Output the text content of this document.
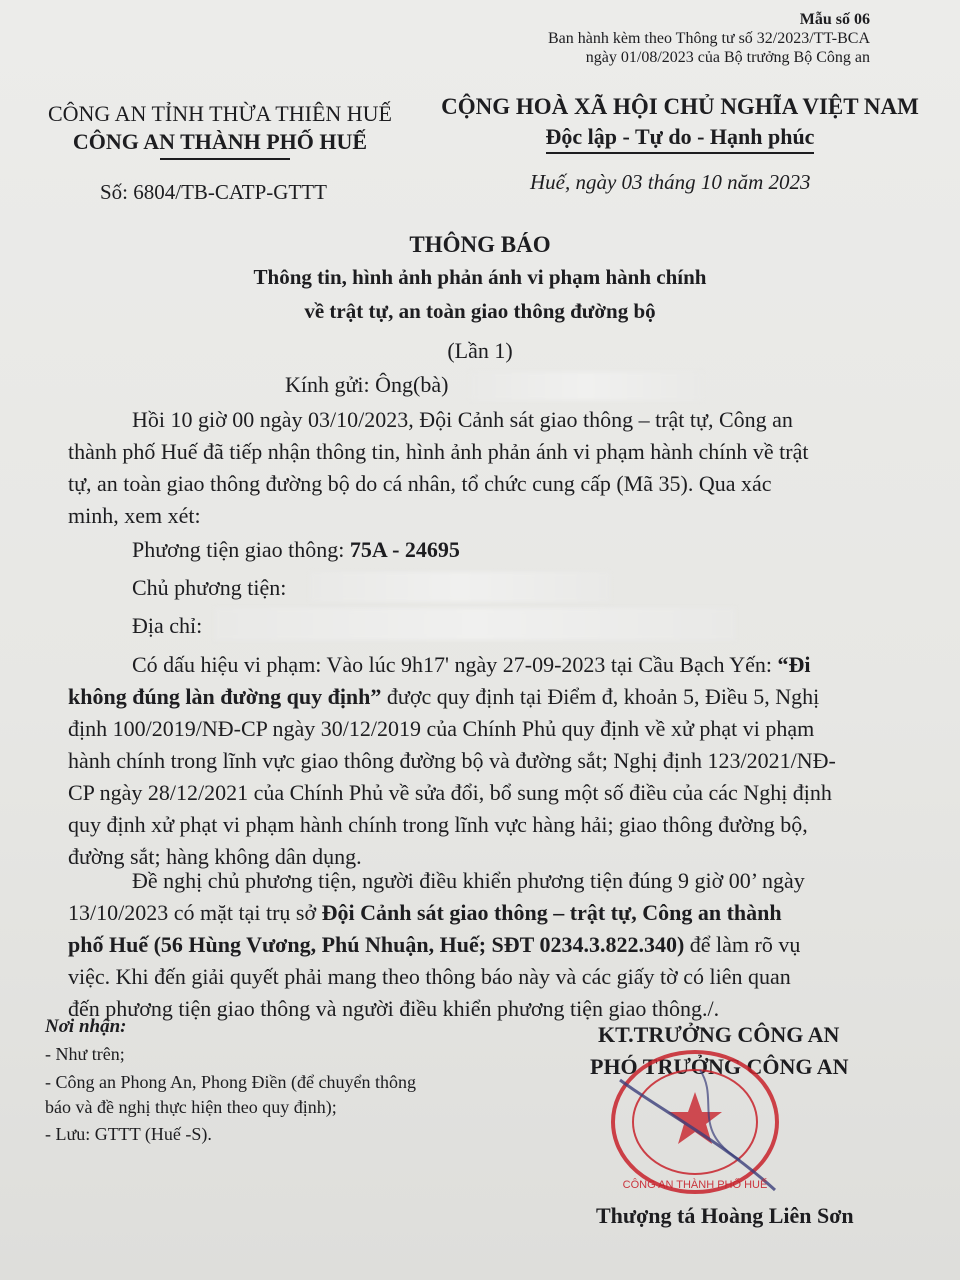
Mẫu số 06
Ban hành kèm theo Thông tư số 32/2023/TT-BCA
ngày 01/08/2023 của Bộ trưởng Bộ Công an
CÔNG AN TỈNH THỪA THIÊN HUẾ
CÔNG AN THÀNH PHỐ HUẾ
CỘNG HOÀ XÃ HỘI CHỦ NGHĨA VIỆT NAM
Độc lập - Tự do - Hạnh phúc
Số: 6804/TB-CATP-GTTT	Huế, ngày 03 tháng 10 năm 2023
THÔNG BÁO
Thông tin, hình ảnh phản ánh vi phạm hành chính
về trật tự, an toàn giao thông đường bộ
(Lần 1)
Kính gửi: Ông(bà)
Hồi 10 giờ 00 ngày 03/10/2023, Đội Cảnh sát giao thông – trật tự, Công an
thành phố Huế đã tiếp nhận thông tin, hình ảnh phản ánh vi phạm hành chính về trật
tự, an toàn giao thông đường bộ do cá nhân, tổ chức cung cấp (Mã 35). Qua xác
minh, xem xét:
Phương tiện giao thông: 75A - 24695
Chủ phương tiện:
Địa chỉ:
Có dấu hiệu vi phạm: Vào lúc 9h17' ngày 27-09-2023 tại Cầu Bạch Yến: “Đi
không đúng làn đường quy định” được quy định tại Điểm đ, khoản 5, Điều 5, Nghị
định 100/2019/NĐ-CP ngày 30/12/2019 của Chính Phủ quy định về xử phạt vi phạm
hành chính trong lĩnh vực giao thông đường bộ và đường sắt; Nghị định 123/2021/NĐ-
CP ngày 28/12/2021 của Chính Phủ về sửa đổi, bổ sung một số điều của các Nghị định
quy định xử phạt vi phạm hành chính trong lĩnh vực hàng hải; giao thông đường bộ,
đường sắt; hàng không dân dụng.
Đề nghị chủ phương tiện, người điều khiển phương tiện đúng 9 giờ 00’ ngày
13/10/2023 có mặt tại trụ sở Đội Cảnh sát giao thông – trật tự, Công an thành
phố Huế (56 Hùng Vương, Phú Nhuận, Huế; SĐT 0234.3.822.340) để làm rõ vụ
việc. Khi đến giải quyết phải mang theo thông báo này và các giấy tờ có liên quan
đến phương tiện giao thông và người điều khiển phương tiện giao thông./.
Nơi nhận:
- Như trên;
- Công an Phong An, Phong Điền (để chuyển thông
báo và đề nghị thực hiện theo quy định);
- Lưu: GTTT (Huế -S).
KT.TRƯỞNG CÔNG AN
PHÓ TRƯỞNG CÔNG AN
CÔNG AN THÀNH PHỐ HUẾ
Thượng tá Hoàng Liên Sơn
